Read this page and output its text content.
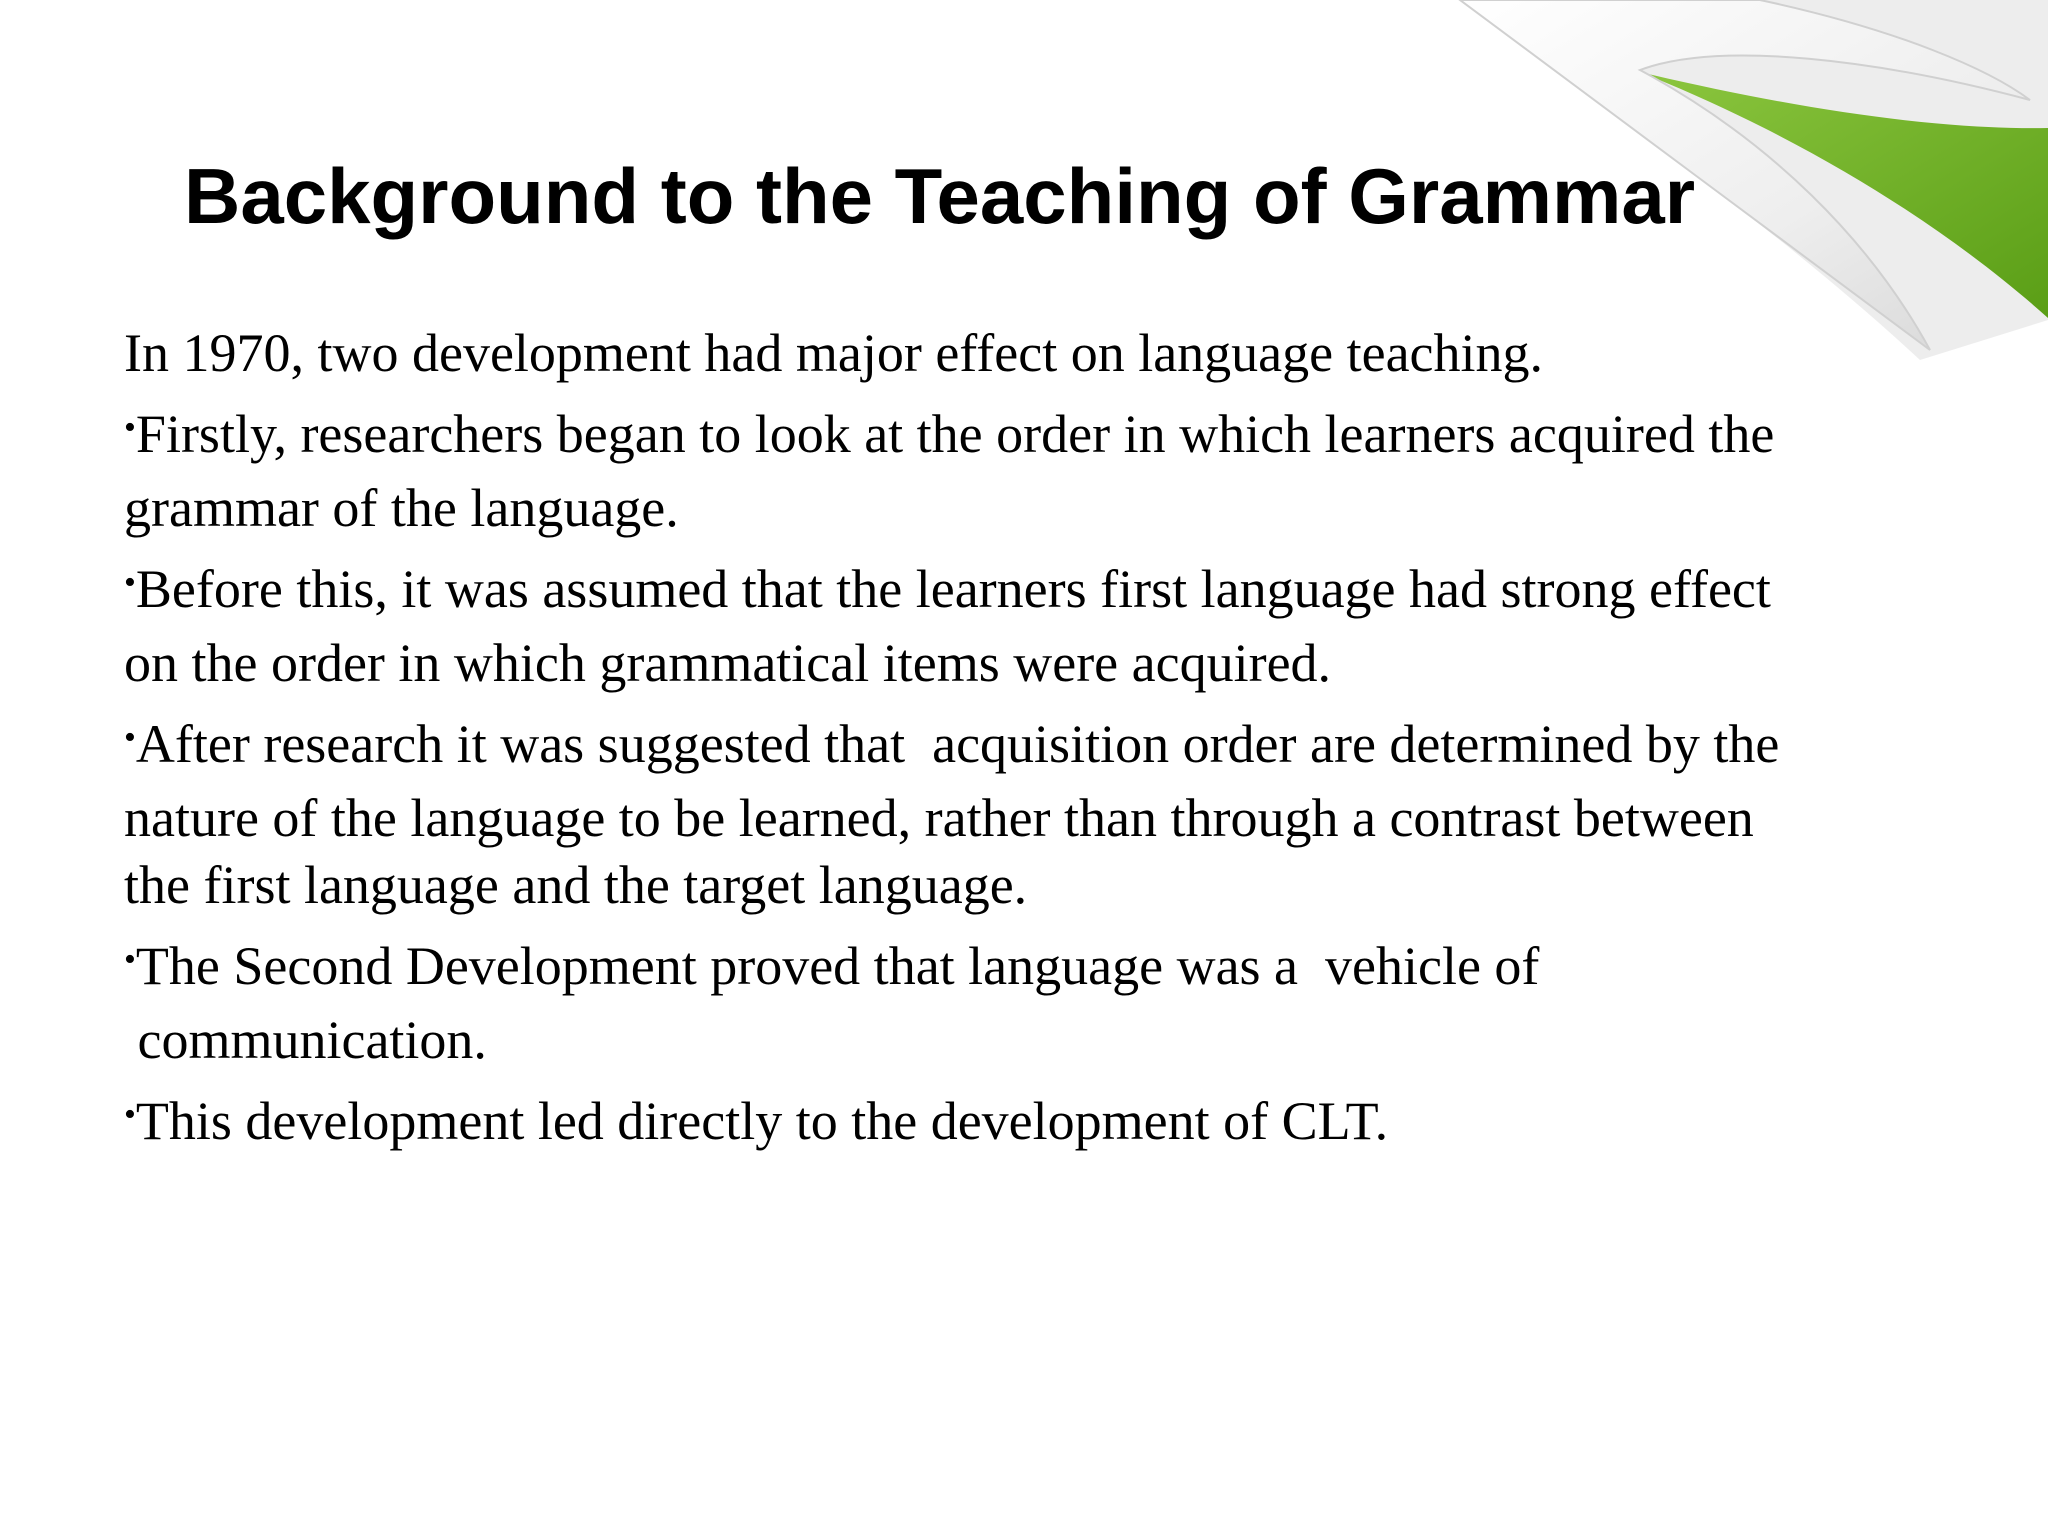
Background to the Teaching of Grammar

In 1970, two development had major effect on language teaching.

•Firstly, researchers began to look at the order in which learners acquired the
grammar of the language.
•Before this, it was assumed that the learners first language had strong effect
on the order in which grammatical items were acquired.
•After research it was suggested that  acquisition order are determined by the
nature of the language to be learned, rather than through a contrast between
the first language and the target language.
•The Second Development proved that language was a  vehicle of
communication.
•This development led directly to the development of CLT.
